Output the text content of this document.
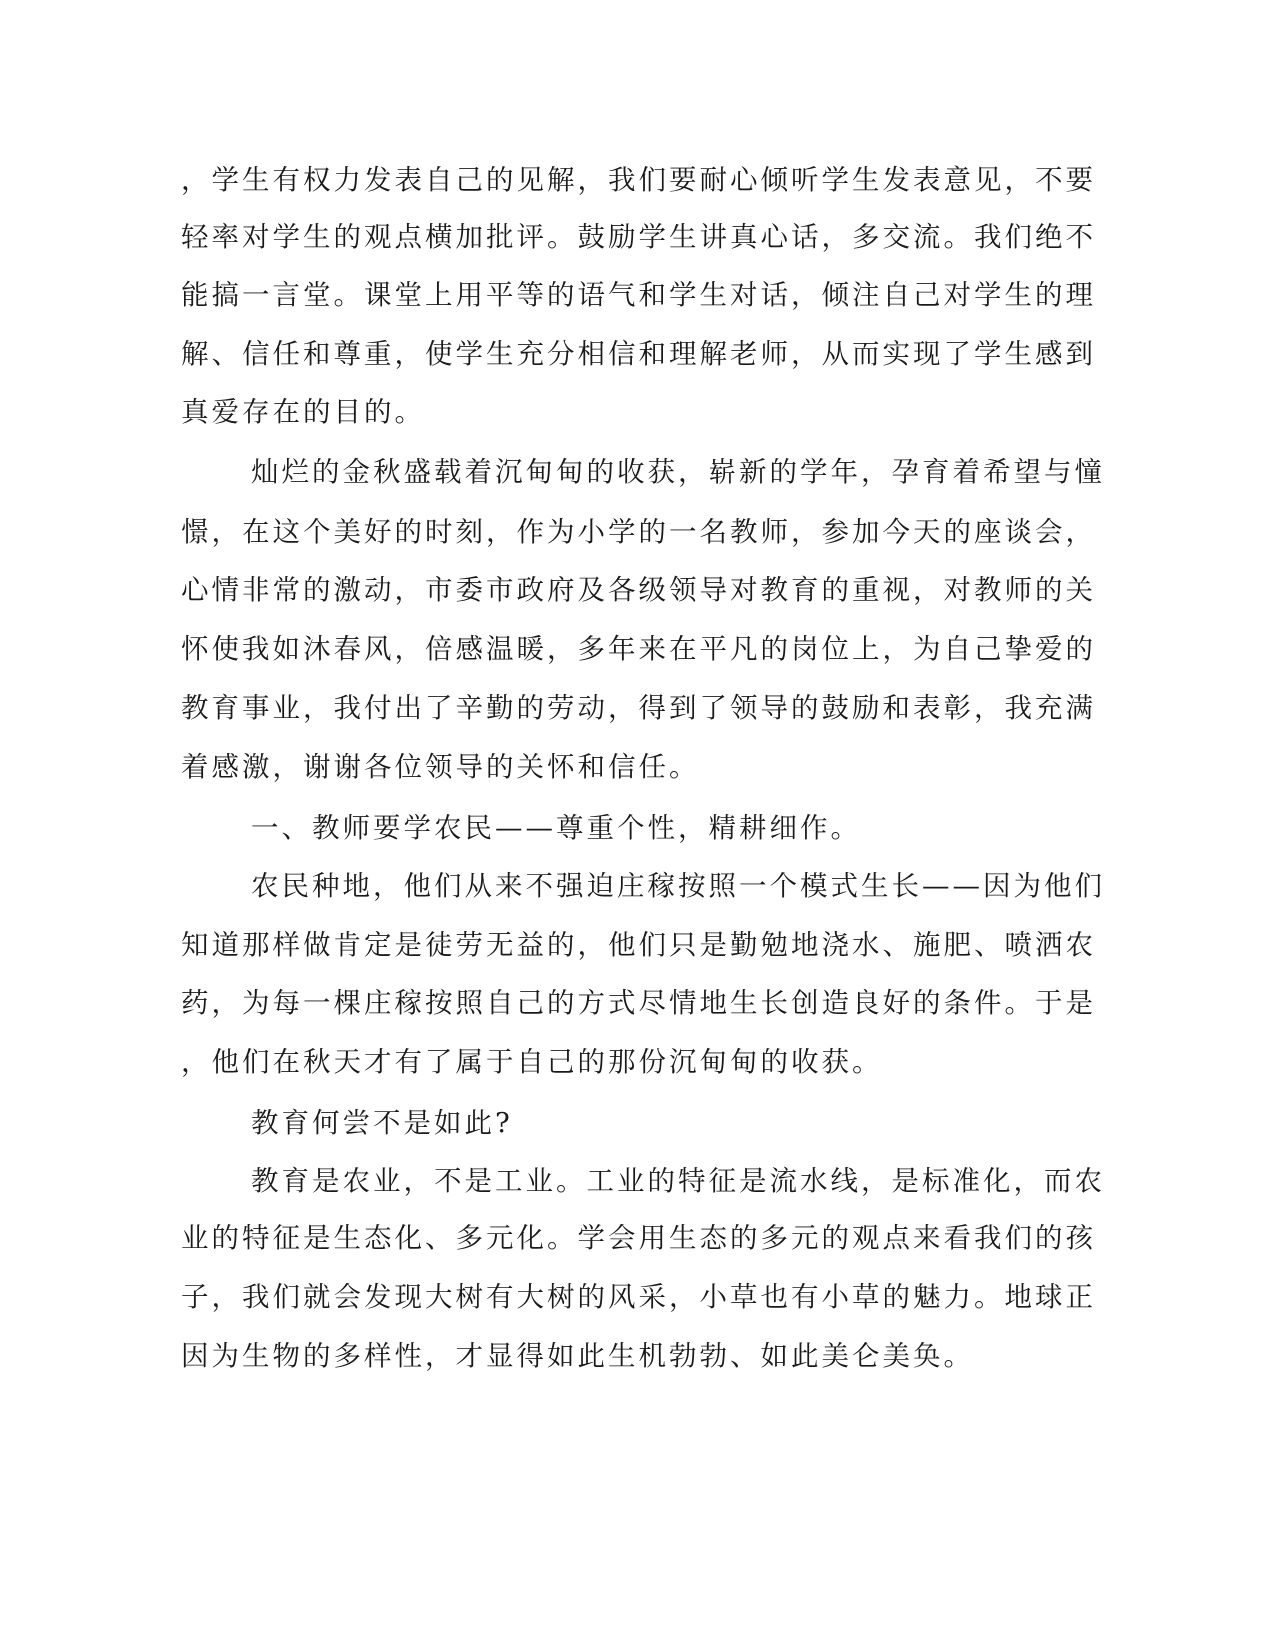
，学生有权力发表自己的见解，我们要耐心倾听学生发表意见，不要
轻率对学生的观点横加批评。鼓励学生讲真心话，多交流。我们绝不
能搞一言堂。课堂上用平等的语气和学生对话，倾注自己对学生的理
解、信任和尊重，使学生充分相信和理解老师，从而实现了学生感到
真爱存在的目的。
灿烂的金秋盛载着沉甸甸的收获，崭新的学年，孕育着希望与憧
憬，在这个美好的时刻，作为小学的一名教师，参加今天的座谈会，
心情非常的激动，市委市政府及各级领导对教育的重视，对教师的关
怀使我如沐春风，倍感温暖，多年来在平凡的岗位上，为自己挚爱的
教育事业，我付出了辛勤的劳动，得到了领导的鼓励和表彰，我充满
着感激，谢谢各位领导的关怀和信任。
一、教师要学农民——尊重个性，精耕细作。
农民种地，他们从来不强迫庄稼按照一个模式生长——因为他们
知道那样做肯定是徒劳无益的，他们只是勤勉地浇水、施肥、喷洒农
药，为每一棵庄稼按照自己的方式尽情地生长创造良好的条件。于是
，他们在秋天才有了属于自己的那份沉甸甸的收获。
教育何尝不是如此?
教育是农业，不是工业。工业的特征是流水线，是标准化，而农
业的特征是生态化、多元化。学会用生态的多元的观点来看我们的孩
子，我们就会发现大树有大树的风采，小草也有小草的魅力。地球正
因为生物的多样性，才显得如此生机勃勃、如此美仑美奂。
